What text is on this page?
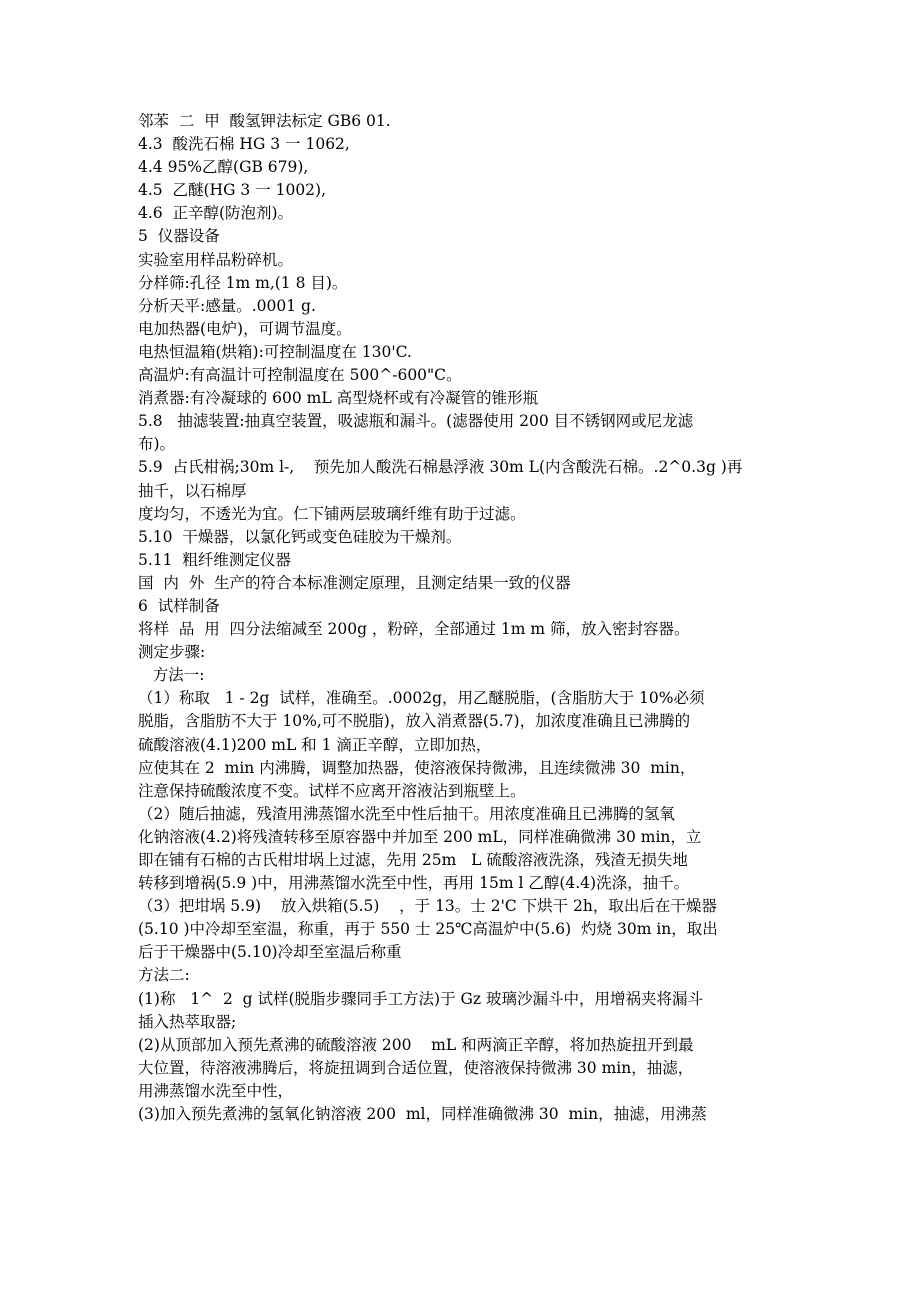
邻苯  二  甲  酸氢钾法标定 GB6 01.
4.3  酸洗石棉 HG 3 一 1062,
4.4 95%乙醇(GB 679),
4.5  乙醚(HG 3 一 1002),
4.6  正辛醇(防泡剂)。
5  仪器设备
实验室用样品粉碎机。
分样筛:孔径 1m m,(1 8 目)。
分析天平:感量。.0001 g.
电加热器(电炉)，可调节温度。
电热恒温箱(烘箱):可控制温度在 130'C.
高温炉:有高温计可控制温度在 500^-600"C。
消煮器:有冷凝球的 600 mL 高型烧杯或有冷凝管的锥形瓶
5.8   抽滤装置:抽真空装置，吸滤瓶和漏斗。(滤器使用 200 目不锈钢网或尼龙滤
布)。
5.9  占氏柑祸;30m l-,    预先加人酸洗石棉悬浮液 30m L(内含酸洗石棉。.2^0.3g )再
抽千，以石棉厚
度均匀，不透光为宜。仁下铺两层玻璃纤维有助于过滤。
5.10  干燥器，以氯化钙或变色硅胶为干燥剂。
5.11  粗纤维测定仪器
国  内  外  生产的符合本标准测定原理，且测定结果一致的仪器
6  试样制备
将样  品  用  四分法缩减至 200g ，粉碎，全部通过 1m m 筛，放入密封容器。
测定步骤:
方法一:
（1）称取   1 - 2g  试样，准确至。.0002g，用乙醚脱脂，(含脂肪大于 10%必须
脱脂，含脂肪不大于 10%,可不脱脂)，放入消煮器(5.7)，加浓度准确且已沸腾的
硫酸溶液(4.1)200 mL 和 1 滴正辛醇，立即加热，
应使其在 2  min 内沸腾，调整加热器，使溶液保持微沸，且连续微沸 30  min，
注意保持硫酸浓度不变。试样不应离开溶液沾到瓶壁上。
（2）随后抽滤，残渣用沸蒸馏水洗至中性后抽干。用浓度准确且已沸腾的氢氧
化钠溶液(4.2)将残渣转移至原容器中并加至 200 mL，同样准确微沸 30 min，立
即在铺有石棉的古氏柑坩埚上过滤，先用 25m   L 硫酸溶液洗涤，残渣无损失地
转移到增祸(5.9 )中，用沸蒸馏水洗至中性，再用 15m l 乙醇(4.4)洗涤，抽千。
（3）把坩埚 5.9)    放入烘箱(5.5)    ，于 13。士 2'C 下烘干 2h，取出后在干燥器
(5.10 )中冷却至室温，称重，再于 550 士 25℃高温炉中(5.6)  灼烧 30m in，取出
后于干燥器中(5.10)冷却至室温后称重
方法二:
(1)称   1^  2  g 试样(脱脂步骤同手工方法)于 Gz 玻璃沙漏斗中，用增祸夹将漏斗
插入热萃取器;
(2)从顶部加入预先煮沸的硫酸溶液 200    mL 和两滴正辛醇，将加热旋扭开到最
大位置，待溶液沸腾后，将旋扭调到合适位置，使溶液保持微沸 30 min，抽滤，
用沸蒸馏水洗至中性，
(3)加入预先煮沸的氢氧化钠溶液 200  ml，同样准确微沸 30  min，抽滤，用沸蒸
